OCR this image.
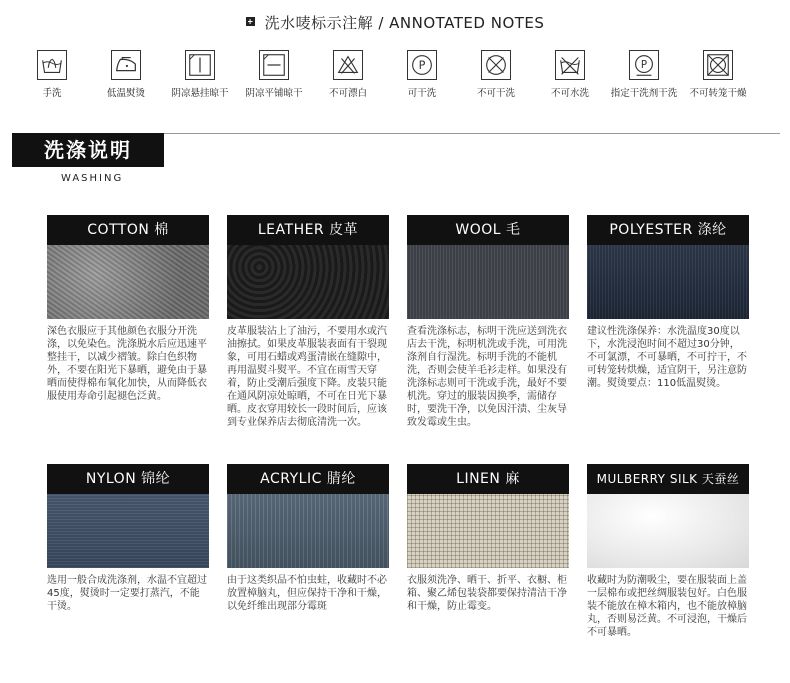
洗水唛标示注解 / ANNOTATED NOTES
手洗	低温熨烫	阴凉悬挂晾干	阴凉平铺晾干	不可漂白
P
可干洗	不可干洗	不可水洗
P
指定干洗剂干洗	不可转笼干燥
洗涤说明
WASHING
COTTON 棉
深色衣服应于其他颜色衣服分开洗涤，以免染色。洗涤脱水后应迅速平整挂干，以减少褶皱。除白色织物外，不要在阳光下暴晒，避免由于暴晒而使得棉布氧化加快，从而降低衣服使用寿命引起褪色泛黄。
LEATHER 皮革
皮革服装沾上了油污，不要用水或汽油擦拭。如果皮革服装表面有干裂现象，可用石蜡或鸡蛋清嵌在缝隙中，再用温熨斗熨平。不宜在雨雪天穿着，防止受潮后强度下降。皮装只能在通风阴凉处晾晒，不可在日光下暴晒。皮衣穿用较长一段时间后，应该到专业保养店去彻底清洗一次。
WOOL 毛
查看洗涤标志，标明干洗应送到洗衣店去干洗，标明机洗或手洗，可用洗涤剂自行湿洗。标明手洗的不能机洗，否则会使羊毛衫走样。如果没有洗涤标志则可干洗或手洗，最好不要机洗。穿过的服装因换季，需储存时，要洗干净，以免因汗渍、尘灰导致发霉或生虫。
POLYESTER 涤纶
建议性洗涤保养：水洗温度30度以下，水洗浸泡时间不超过30分钟，不可氯漂，不可暴晒，不可拧干，不可转笼转烘燥，适宜阴干，另注意防潮。熨烫要点：110低温熨烫。
NYLON 锦纶
选用一般合成洗涤剂，水温不宜超过45度，熨烫时一定要打蒸汽，不能干烫。
ACRYLIC 腈纶
由于这类织品不怕虫蛀，收藏时不必放置樟脑丸，但应保持干净和干燥，以免纤维出现部分霉斑
LINEN 麻
衣服须洗净、晒干、折平、衣橱、柜箱、聚乙烯包装袋都要保持清洁干净和干燥，防止霉变。
MULBERRY SILK 天蚕丝
收藏时为防潮吸尘，要在服装面上盖一层棉布或把丝绸服装包好。白色服装不能放在樟木箱内，也不能放樟脑丸，否则易泛黄。不可浸泡，干燥后不可暴晒。
